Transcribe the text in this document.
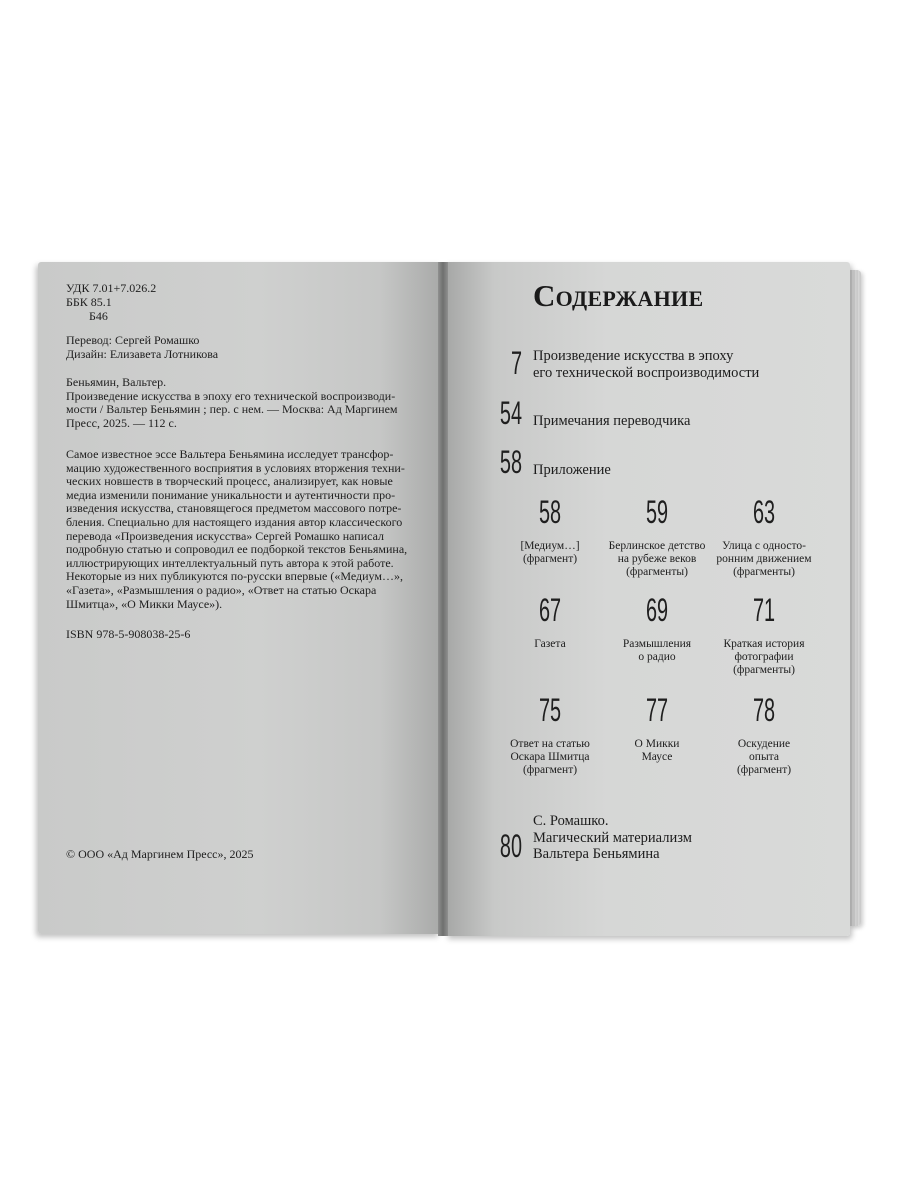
УДК 7.01+7.026.2
ББК 85.1
Б46
Перевод: Сергей Ромашко
Дизайн: Елизавета Лотникова
Беньямин, Вальтер.
Произведение искусства в эпоху его технической воспроизводи-
мости / Вальтер Беньямин ; пер. с нем. — Москва: Ад Маргинем
Пресс, 2025. — 112 с.
Самое известное эссе Вальтера Беньямина исследует трансфор-
мацию художественного восприятия в условиях вторжения техни-
ческих новшеств в творческий процесс, анализирует, как новые
медиа изменили понимание уникальности и аутентичности про-
изведения искусства, становящегося предметом массового потре-
бления. Специально для настоящего издания автор классического
перевода «Произведения искусства» Сергей Ромашко написал
подробную статью и сопроводил ее подборкой текстов Беньямина,
иллюстрирующих интеллектуальный путь автора к этой работе.
Некоторые из них публикуются по-русски впервые («Медиум…»,
«Газета», «Размышления о радио», «Ответ на статью Оскара
Шмитца», «О Микки Маусе»).
ISBN 978-5-908038-25-6
© ООО «Ад Маргинем Пресс», 2025
Содержание
7 Произведение искусства в эпоху
его технической воспроизводимости
54 Примечания переводчика
58 Приложение
58
[Медиум…]
(фрагмент)
59
Берлинское детство
на рубеже веков
(фрагменты)
63
Улица с односто-
ронним движением
(фрагменты)
67
Газета
69
Размышления
о радио
71
Краткая история
фотографии
(фрагменты)
75
Ответ на статью
Оскара Шмитца
(фрагмент)
77
О Микки
Маусе
78
Оскудение
опыта
(фрагмент)
80
С. Ромашко.
Магический материализм
Вальтера Беньямина
